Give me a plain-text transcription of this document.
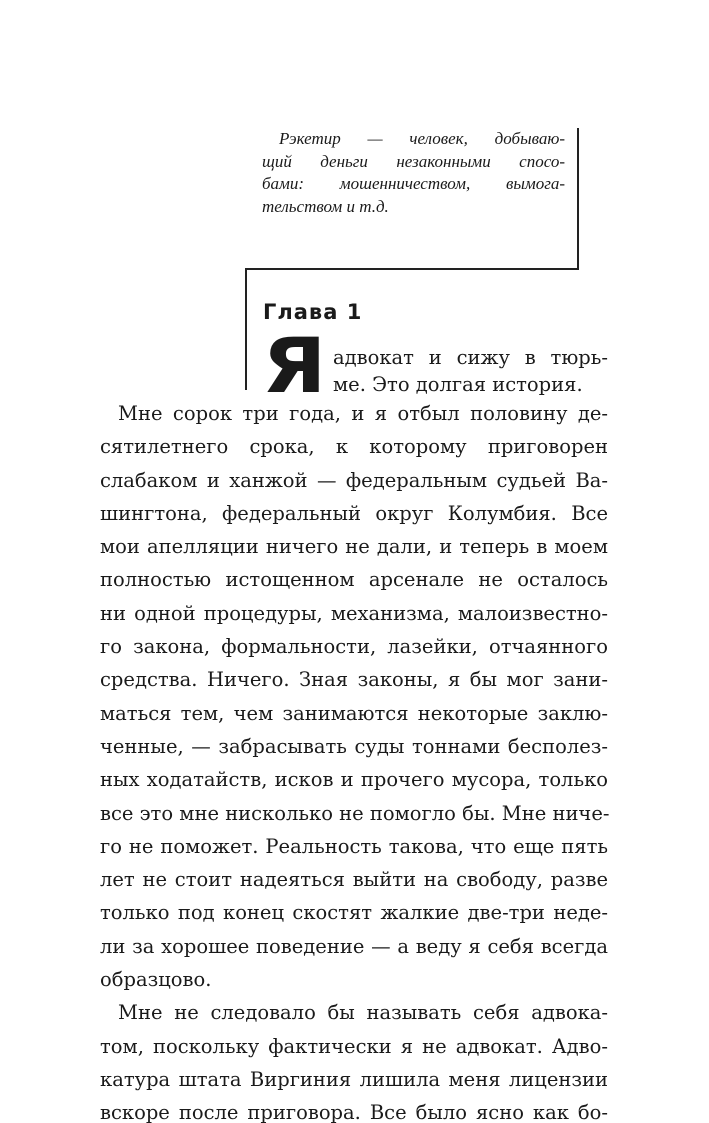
Рэкетир — человек, добываю-
щий деньги незаконными спосо-
бами: мошенничеством, вымога-
тельством и т.д.
Глава 1
Я адвокат и сижу в тюрь-
ме. Это долгая история.
Мне сорок три года, и я отбыл половину де-
сятилетнего срока, к которому приговорен
слабаком и ханжой — федеральным судьей Ва-
шингтона, федеральный округ Колумбия. Все
мои апелляции ничего не дали, и теперь в моем
полностью истощенном арсенале не осталось
ни одной процедуры, механизма, малоизвестно-
го закона, формальности, лазейки, отчаянного
средства. Ничего. Зная законы, я бы мог зани-
маться тем, чем занимаются некоторые заклю-
ченные, — забрасывать суды тоннами бесполез-
ных ходатайств, исков и прочего мусора, только
все это мне нисколько не помогло бы. Мне ниче-
го не поможет. Реальность такова, что еще пять
лет не стоит надеяться выйти на свободу, разве
только под конец скостят жалкие две-три неде-
ли за хорошее поведение — а веду я себя всегда
образцово.
Мне не следовало бы называть себя адвока-
том, поскольку фактически я не адвокат. Адво-
катура штата Виргиния лишила меня лицензии
вскоре после приговора. Все было ясно как бо-
